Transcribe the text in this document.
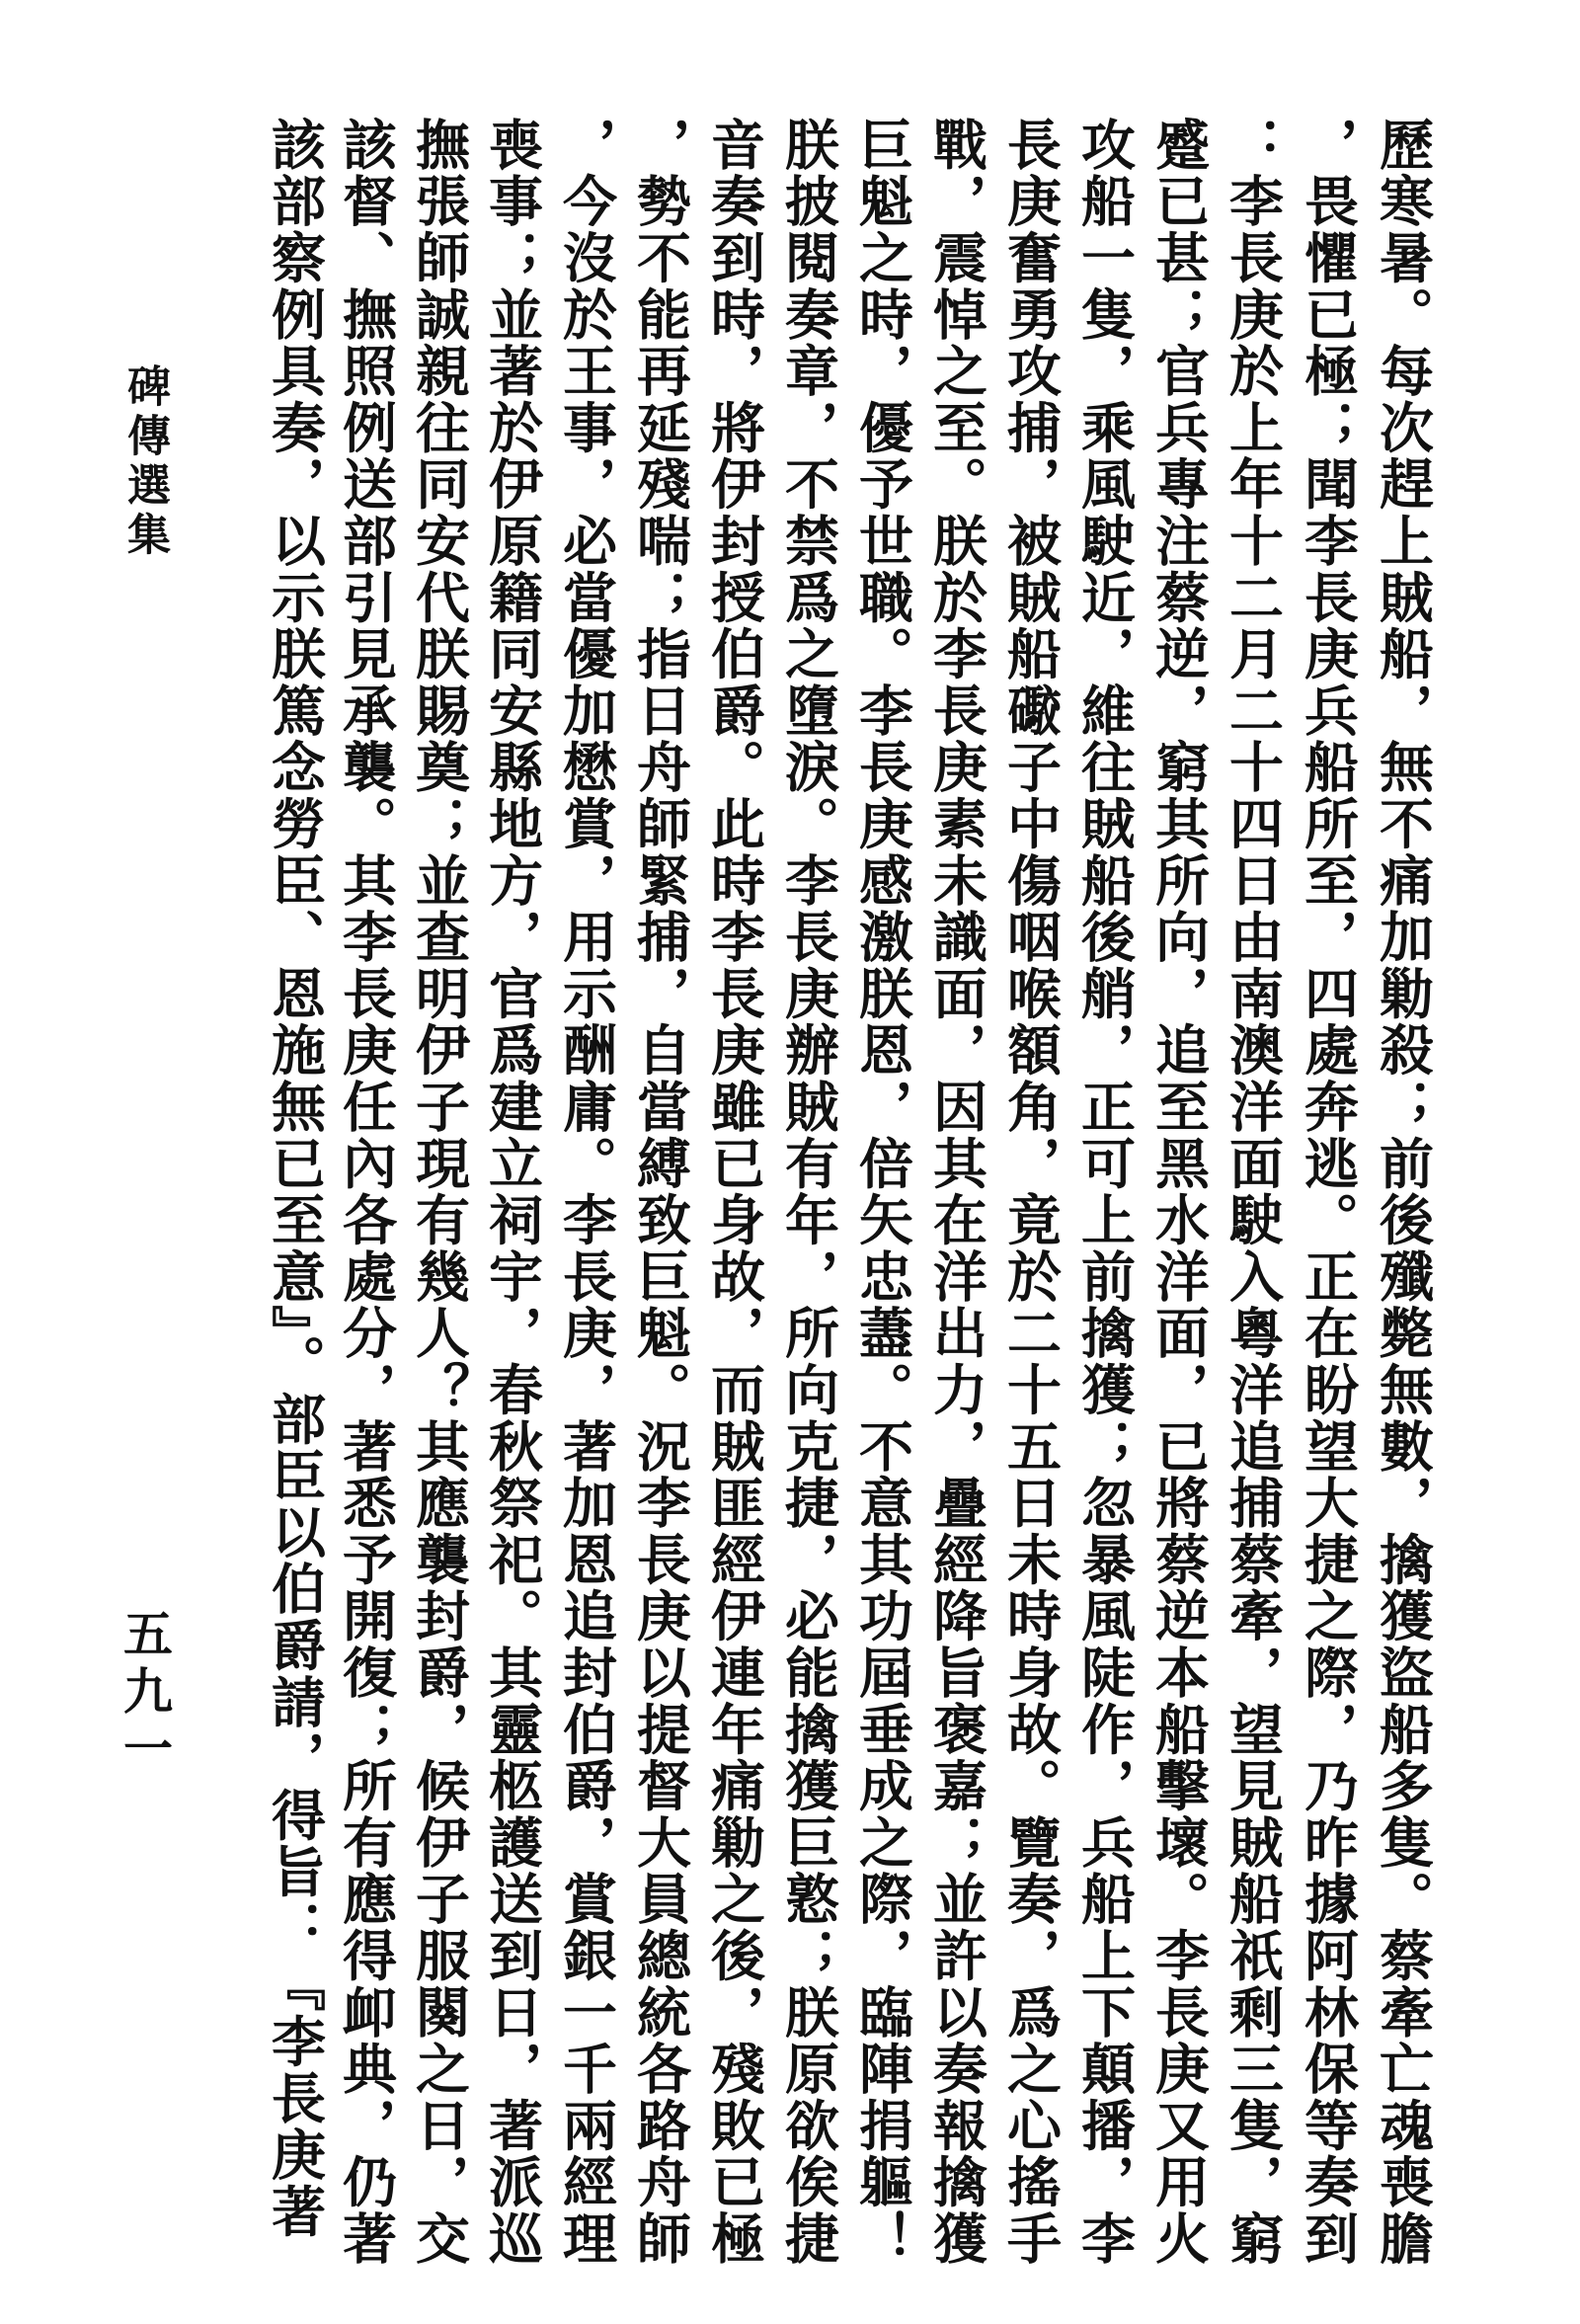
歷寒暑。每次趕上賊船，無不痛加勦殺；前後殲斃無數，擒獲盜船多隻。蔡牽亡魂喪膽
，畏懼已極；聞李長庚兵船所至，四處奔逃。正在盼望大捷之際，乃昨據阿林保等奏到
：李長庚於上年十二月二十四日由南澳洋面駛入粵洋追捕蔡牽，望見賊船祇剩三隻，窮
蹙已甚；官兵專注蔡逆，窮其所向，追至黑水洋面，已將蔡逆本船擊壞。李長庚又用火
攻船一隻，乘風駛近，維往賊船後艄，正可上前擒獲；忽暴風陡作，兵船上下顛播，李
長庚奮勇攻捕，被賊船礮子中傷咽喉額角，竟於二十五日未時身故。覽奏，爲之心搖手
戰，震悼之至。朕於李長庚素未識面，因其在洋出力，疊經降旨褒嘉；並許以奏報擒獲
巨魁之時，優予世職。李長庚感激朕恩，倍矢忠藎。不意其功屆垂成之際，臨陣捐軀！
朕披閱奏章，不禁爲之墮淚。李長庚辦賊有年，所向克捷，必能擒獲巨憝；朕原欲俟捷
音奏到時，將伊封授伯爵。此時李長庚雖已身故，而賊匪經伊連年痛勦之後，殘敗已極
，勢不能再延殘喘；指日舟師緊捕，自當縛致巨魁。況李長庚以提督大員總統各路舟師
，今沒於王事，必當優加懋賞，用示酬庸。李長庚，著加恩追封伯爵，賞銀一千兩經理
喪事；並著於伊原籍同安縣地方，官爲建立祠宇，春秋祭祀。其靈柩護送到日，著派巡
撫張師誠親往同安代朕賜奠；並查明伊子現有幾人？其應襲封爵，候伊子服闋之日，交
該督、撫照例送部引見承襲。其李長庚任內各處分，著悉予開復；所有應得卹典，仍著
該部察例具奏，以示朕篤念勞臣、恩施無已至意』。部臣以伯爵請，得旨：『李長庚著
碑傳選集
五九一
